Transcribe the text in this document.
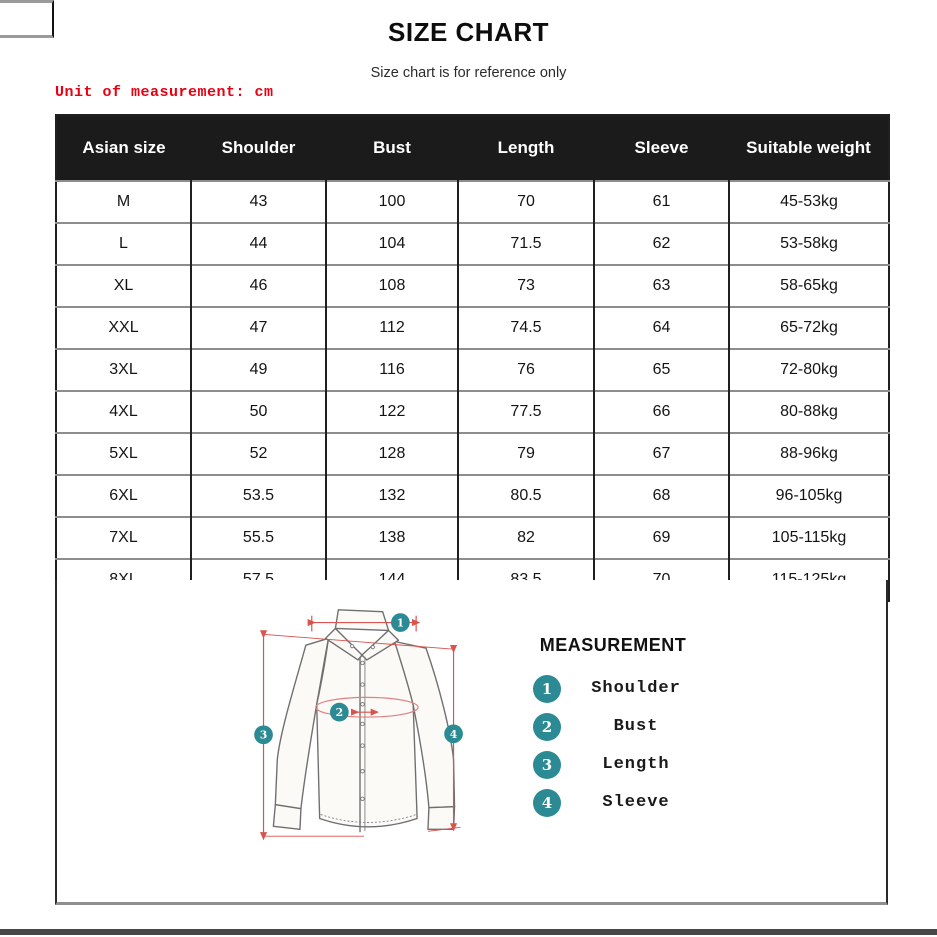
SIZE CHART
Size chart is for reference only
Unit of measurement: cm
Asian size	Shoulder	Bust	Length	Sleeve	Suitable weight
M	43	100	70	61	45-53kg
L	44	104	71.5	62	53-58kg
XL	46	108	73	63	58-65kg
XXL	47	112	74.5	64	65-72kg
3XL	49	116	76	65	72-80kg
4XL	50	122	77.5	66	80-88kg
5XL	52	128	79	67	88-96kg
6XL	53.5	132	80.5	68	96-105kg
7XL	55.5	138	82	69	105-115kg

1
2
3	4
MEASUREMENT
1	Shoulder
2	Bust
3	Length
4	Sleeve
